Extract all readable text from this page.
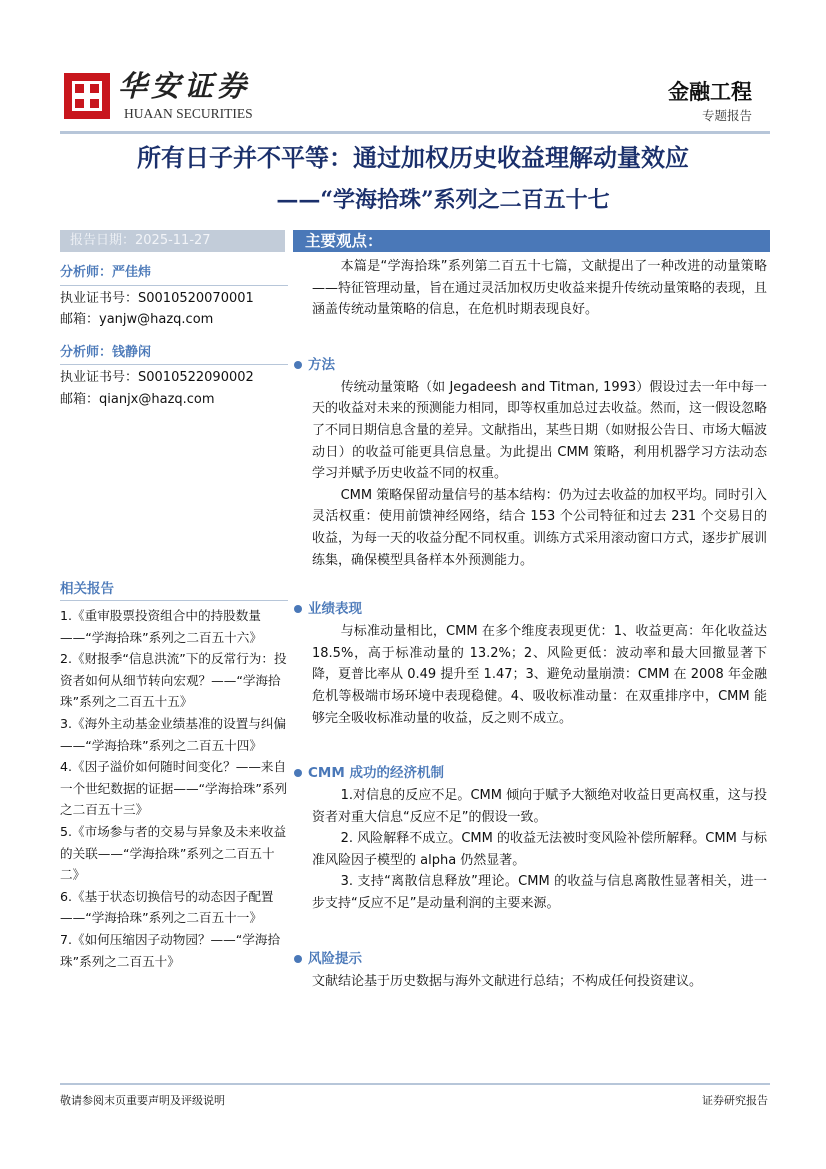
华安证券
HUAAN SECURITIES
金融工程
专题报告
所有日子并不平等：通过加权历史收益理解动量效应
——“学海拾珠”系列之二百五十七
报告日期：2025-11-27	主要观点：
分析师：严佳炜
执业证书号：S0010520070001
邮箱：yanjw@hazq.com
分析师：钱静闲
执业证书号：S0010522090002
邮箱：qianjx@hazq.com
相关报告
1.《重审股票投资组合中的持股数量——“学海拾珠”系列之二百五十六》
2.《财报季“信息洪流”下的反常行为：投资者如何从细节转向宏观？——“学海拾珠”系列之二百五十五》
3.《海外主动基金业绩基准的设置与纠偏——“学海拾珠”系列之二百五十四》
4.《因子溢价如何随时间变化？——来自一个世纪数据的证据——“学海拾珠”系列之二百五十三》
5.《市场参与者的交易与异象及未来收益的关联——“学海拾珠”系列之二百五十二》
6.《基于状态切换信号的动态因子配置——“学海拾珠”系列之二百五十一》
7.《如何压缩因子动物园？——“学海拾珠”系列之二百五十》

本篇是“学海拾珠”系列第二百五十七篇，文献提出了一种改进的动量策略——特征管理动量，旨在通过灵活加权历史收益来提升传统动量策略的表现，且涵盖传统动量策略的信息，在危机时期表现良好。

方法

传统动量策略（如 Jegadeesh and Titman, 1993）假设过去一年中每一天的收益对未来的预测能力相同，即等权重加总过去收益。然而，这一假设忽略了不同日期信息含量的差异。文献指出，某些日期（如财报公告日、市场大幅波动日）的收益可能更具信息量。为此提出 CMM 策略，利用机器学习方法动态学习并赋予历史收益不同的权重。

CMM 策略保留动量信号的基本结构：仍为过去收益的加权平均。同时引入灵活权重：使用前馈神经网络，结合 153 个公司特征和过去 231 个交易日的收益，为每一天的收益分配不同权重。训练方式采用滚动窗口方式，逐步扩展训练集，确保模型具备样本外预测能力。

业绩表现

与标准动量相比，CMM 在多个维度表现更优：1、收益更高：年化收益达 18.5%，高于标准动量的 13.2%；2、风险更低：波动率和最大回撤显著下降，夏普比率从 0.49 提升至 1.47；3、避免动量崩溃：CMM 在 2008 年金融危机等极端市场环境中表现稳健。4、吸收标准动量：在双重排序中，CMM 能够完全吸收标准动量的收益，反之则不成立。

CMM 成功的经济机制

1.对信息的反应不足。CMM 倾向于赋予大额绝对收益日更高权重，这与投资者对重大信息“反应不足”的假设一致。

2. 风险解释不成立。CMM 的收益无法被时变风险补偿所解释。CMM 与标准风险因子模型的 alpha 仍然显著。

3. 支持“离散信息释放”理论。CMM 的收益与信息离散性显著相关，进一步支持“反应不足”是动量利润的主要来源。

风险提示

文献结论基于历史数据与海外文献进行总结；不构成任何投资建议。

敬请参阅末页重要声明及评级说明	证券研究报告
